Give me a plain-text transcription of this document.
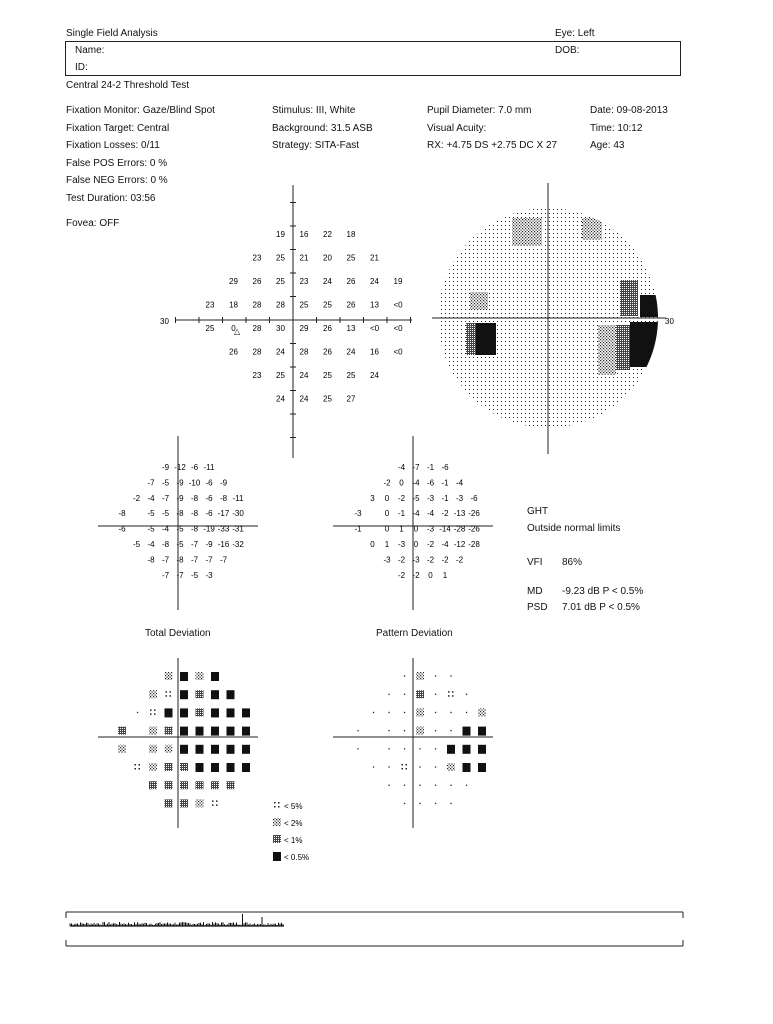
Single Field Analysis	Eye: Left
Name:
ID:
DOB:
Central 24-2 Threshold Test
Fixation Monitor: Gaze/Blind Spot
Fixation Target: Central
Fixation Losses: 0/11
False POS Errors: 0 %
False NEG Errors: 0 %
Test Duration: 03:56
Fovea: OFF
Stimulus: III, White
Background: 31.5 ASB
Strategy: SITA-Fast
Pupil Diameter: 7.0 mm
Visual Acuity:
RX: +4.75 DS +2.75 DC X 27
Date: 09-08-2013
Time: 10:12
Age: 43
GHT
Outside normal limits
VFI 86%
MD -9.23 dB P < 0.5%
PSD 7.01 dB P < 0.5%
Total Deviation	Pattern Deviation
30	30
19 16 22 18
23 25 21 20 25 21
29 26 25 23 24 26 24 19
23 18 28 28 25 25 26 13 <0
25 0 28 30 29 26 13 <0 <0
26 28 24 28 26 24 16 <0
23 25 24 25 25 24
24 24 25 27
-9 -12 -6 -11
-7 -5 -9 -10 -6 -9
-2 -4 -7 -9 -8 -6 -8 -11
-8	-5 -5 -8 -8 -6 -17 -30
-6	-5 -4 -5 -8 -19 -33 -31
-5 -4 -8 -5 -7 -9 -16 -32
-8 -7 -8 -7 -7 -7
-7 -7 -5 -3
-4 -7 -1 -6
-2 0 -4 -6 -1 -4
3 0 -2 -5 -3 -1 -3 -6
-3	0 -1 -4 -4 -2 -13 -26
-1	0 1 0 -3 -14 -28 -26
0 1 -3 0 -2 -4 -12 -28
-3 -2 -3 -2 -2 -2
-2 -2 0 1
< 5%
< 2%
< 1%
< 0.5%
△
